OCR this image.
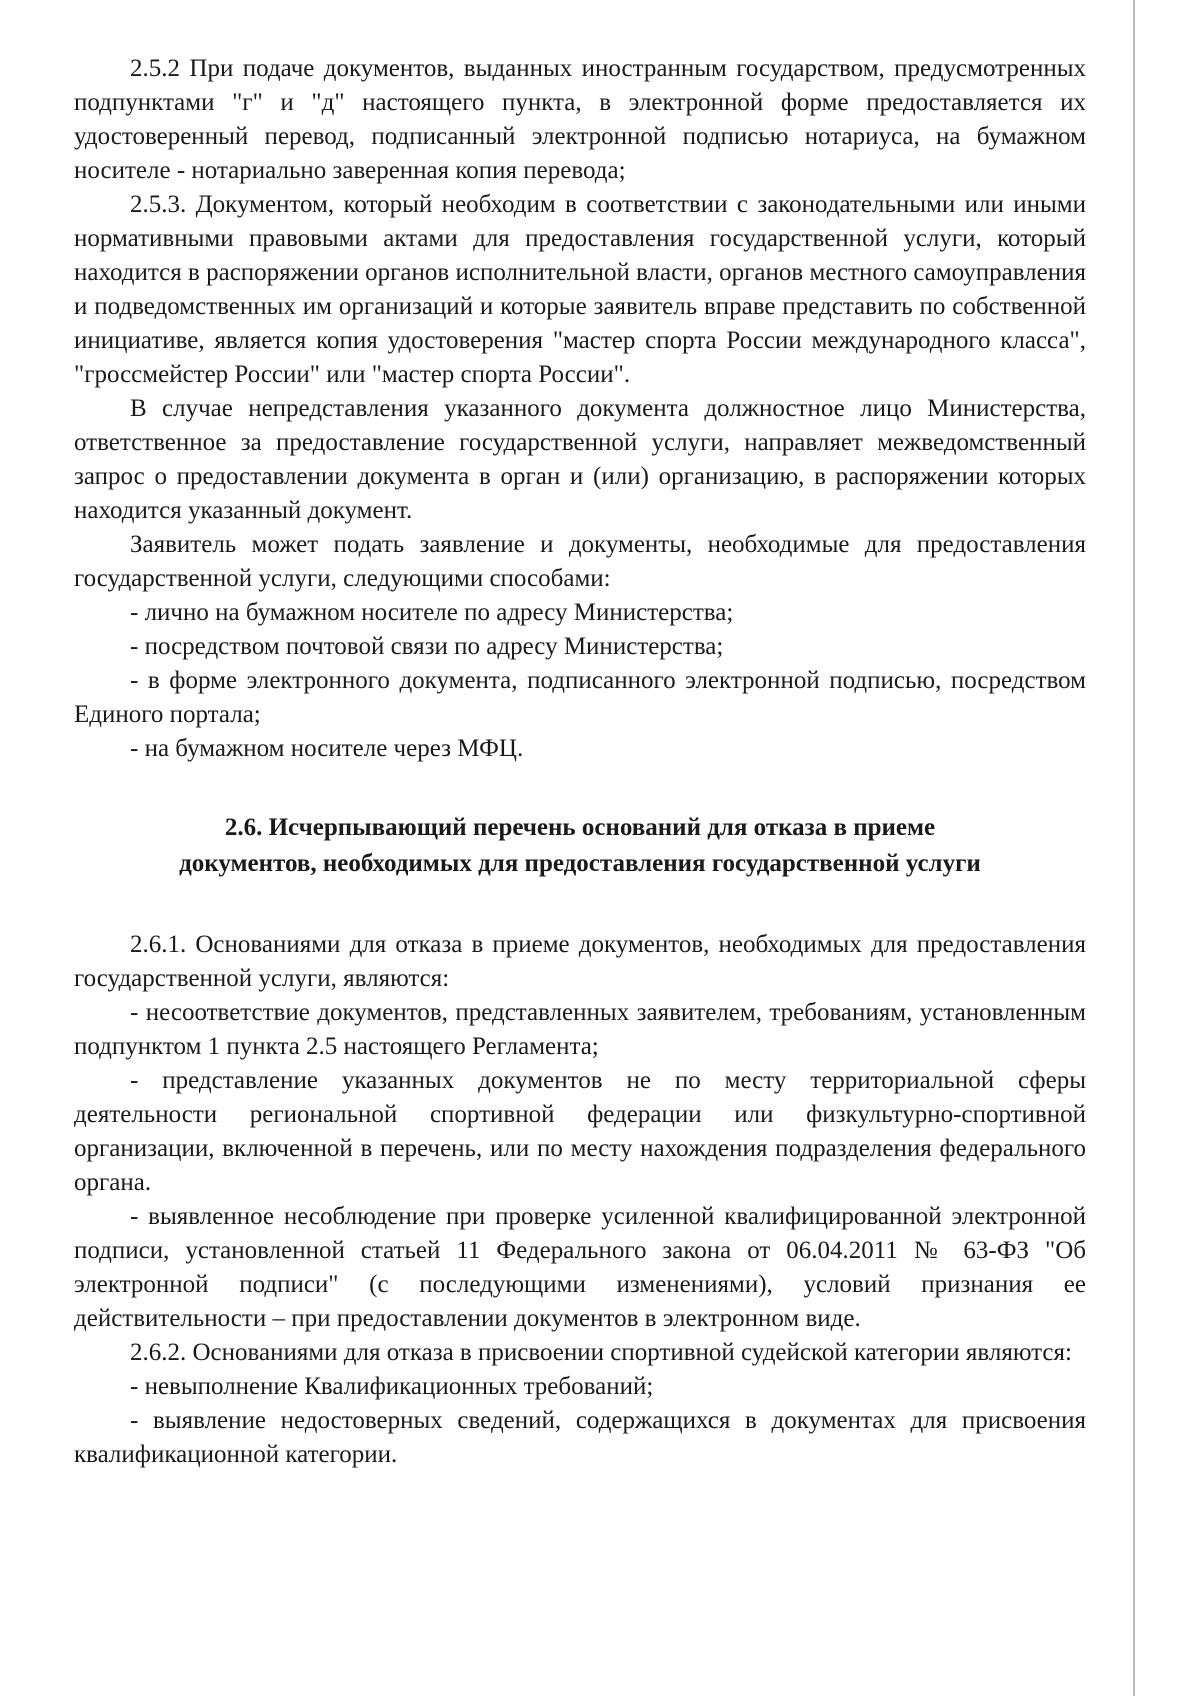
2.5.2 При подаче документов, выданных иностранным государством, предусмотренных подпунктами "г" и "д" настоящего пункта, в электронной форме предоставляется их удостоверенный перевод, подписанный электронной подписью нотариуса, на бумажном носителе - нотариально заверенная копия перевода;

2.5.3. Документом, который необходим в соответствии с законодательными или иными нормативными правовыми актами для предоставления государственной услуги, который находится в распоряжении органов исполнительной власти, органов местного самоуправления и подведомственных им организаций и которые заявитель вправе представить по собственной инициативе, является копия удостоверения "мастер спорта России международного класса", "гроссмейстер России" или "мастер спорта России".

В случае непредставления указанного документа должностное лицо Министерства, ответственное за предоставление государственной услуги, направляет межведомственный запрос о предоставлении документа в орган и (или) организацию, в распоряжении которых находится указанный документ.

Заявитель может подать заявление и документы, необходимые для предоставления государственной услуги, следующими способами:

- лично на бумажном носителе по адресу Министерства;

- посредством почтовой связи по адресу Министерства;

- в форме электронного документа, подписанного электронной подписью, посредством Единого портала;

- на бумажном носителе через МФЦ.

2.6. Исчерпывающий перечень оснований для отказа в приеме
документов, необходимых для предоставления государственной услуги

2.6.1. Основаниями для отказа в приеме документов, необходимых для предоставления государственной услуги, являются:

- несоответствие документов, представленных заявителем, требованиям, установленным подпунктом 1 пункта 2.5 настоящего Регламента;

- представление указанных документов не по месту территориальной сферы деятельности региональной спортивной федерации или физкультурно-спортивной организации, включенной в перечень, или по месту нахождения подразделения федерального органа.

- выявленное несоблюдение при проверке усиленной квалифицированной электронной подписи, установленной статьей 11 Федерального закона от 06.04.2011 № 63-ФЗ "Об электронной подписи" (с последующими изменениями), условий признания ее действительности – при предоставлении документов в электронном виде.

2.6.2. Основаниями для отказа в присвоении спортивной судейской категории являются:

- невыполнение Квалификационных требований;

- выявление недостоверных сведений, содержащихся в документах для присвоения квалификационной категории.
